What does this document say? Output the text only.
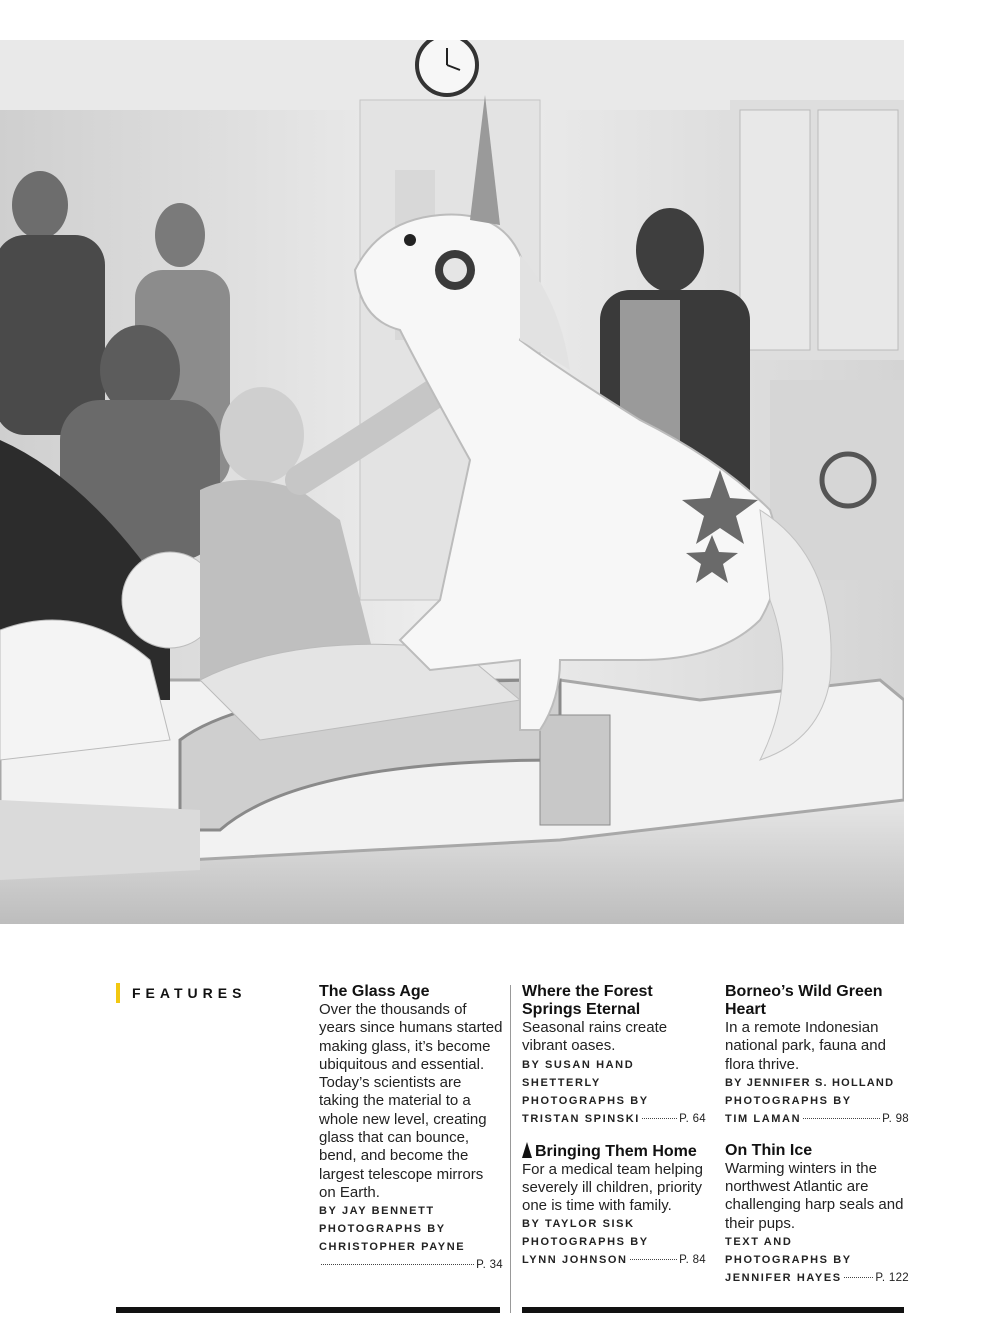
FEATURES	The Glass Age

Over the thousands of years since humans started making glass, it’s become ubiquitous and essential. Today’s scientists are taking the material to a whole new level, creating glass that can bounce, bend, and become the largest telescope mirrors on Earth.

BY JAY BENNETT

PHOTOGRAPHS BY

CHRISTOPHER PAYNE

P. 34

Where the Forest Springs Eternal

Seasonal rains create vibrant oases.

BY SUSAN HAND

SHETTERLY

PHOTOGRAPHS BY

TRISTAN SPINSKI	P. 64

Bringing Them Home

For a medical team helping severely ill children, priority one is time with family.

BY TAYLOR SISK

PHOTOGRAPHS BY

LYNN JOHNSON	P. 84

Borneo’s Wild Green Heart

In a remote Indonesian national park, fauna and flora thrive.

BY JENNIFER S. HOLLAND

PHOTOGRAPHS BY

TIM LAMAN	P. 98

On Thin Ice

Warming winters in the northwest Atlantic are challenging harp seals and their pups.

TEXT AND

PHOTOGRAPHS BY

JENNIFER HAYES	P. 122
